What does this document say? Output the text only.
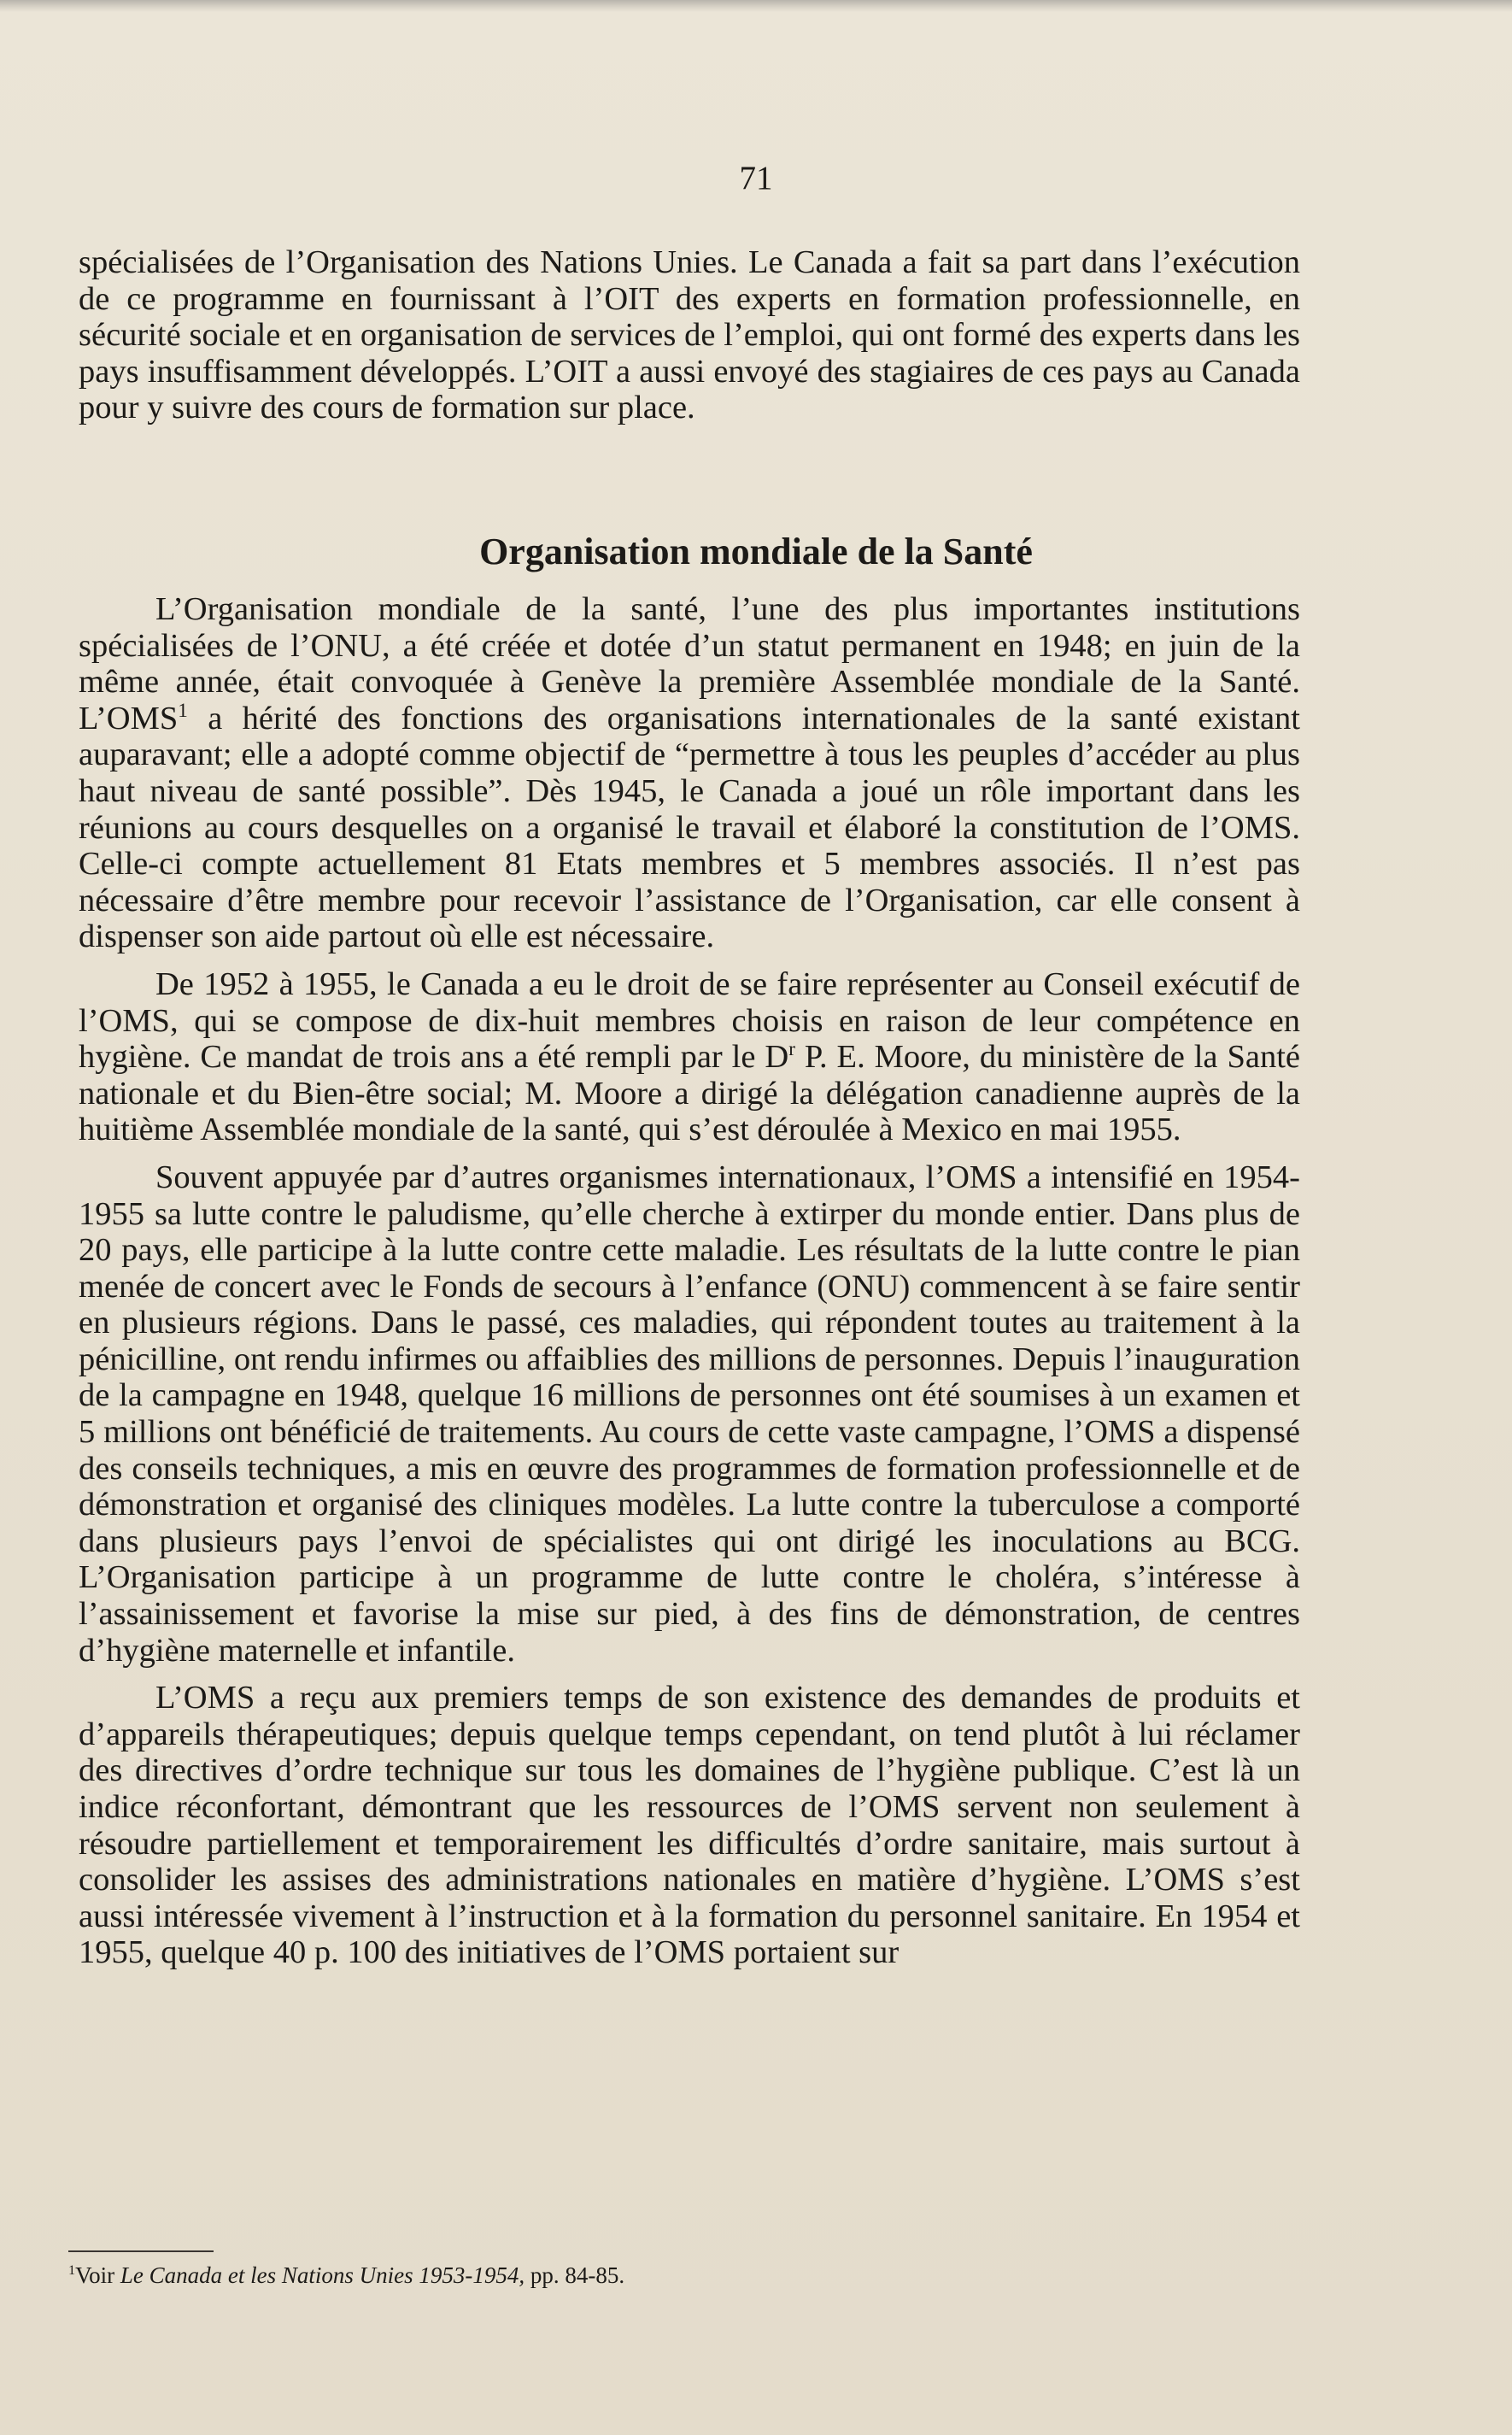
71

spécialisées de l’Organisation des Nations Unies. Le Canada a fait sa part dans l’exécution de ce programme en fournissant à l’OIT des experts en formation professionnelle, en sécurité sociale et en organisation de services de l’emploi, qui ont formé des experts dans les pays insuffisamment développés. L’OIT a aussi envoyé des stagiaires de ces pays au Canada pour y suivre des cours de formation sur place.

Organisation mondiale de la Santé

L’Organisation mondiale de la santé, l’une des plus importantes institutions spécialisées de l’ONU, a été créée et dotée d’un statut permanent en 1948; en juin de la même année, était convoquée à Genève la première Assemblée mondiale de la Santé. L’OMS$^1$ a hérité des fonctions des organisations internationales de la santé existant auparavant; elle a adopté comme objectif de “permettre à tous les peuples d’accéder au plus haut niveau de santé possible”. Dès 1945, le Canada a joué un rôle important dans les réunions au cours desquelles on a organisé le travail et élaboré la constitution de l’OMS. Celle-ci compte actuellement 81 Etats membres et 5 membres associés. Il n’est pas nécessaire d’être membre pour recevoir l’assistance de l’Organisation, car elle consent à dispenser son aide partout où elle est nécessaire.

De 1952 à 1955, le Canada a eu le droit de se faire représenter au Conseil exécutif de l’OMS, qui se compose de dix-huit membres choisis en raison de leur compétence en hygiène. Ce mandat de trois ans a été rempli par le $D^r$ P. E. Moore, du ministère de la Santé nationale et du Bien-être social; M. Moore a dirigé la délégation canadienne auprès de la huitième Assemblée mondiale de la santé, qui s’est déroulée à Mexico en mai 1955.

Souvent appuyée par d’autres organismes internationaux, l’OMS a intensifié en 1954-1955 sa lutte contre le paludisme, qu’elle cherche à extirper du monde entier. Dans plus de 20 pays, elle participe à la lutte contre cette maladie. Les résultats de la lutte contre le pian menée de concert avec le Fonds de secours à l’enfance (ONU) commencent à se faire sentir en plusieurs régions. Dans le passé, ces maladies, qui répondent toutes au traitement à la pénicilline, ont rendu infirmes ou affaiblies des millions de personnes. Depuis l’inauguration de la campagne en 1948, quelque 16 millions de personnes ont été soumises à un examen et 5 millions ont bénéficié de traitements. Au cours de cette vaste campagne, l’OMS a dispensé des conseils techniques, a mis en œuvre des programmes de formation professionnelle et de démonstration et organisé des cliniques modèles. La lutte contre la tuberculose a comporté dans plusieurs pays l’envoi de spécialistes qui ont dirigé les inoculations au BCG. L’Organisation participe à un programme de lutte contre le choléra, s’intéresse à l’assainissement et favorise la mise sur pied, à des fins de démonstration, de centres d’hygiène maternelle et infantile.

L’OMS a reçu aux premiers temps de son existence des demandes de produits et d’appareils thérapeutiques; depuis quelque temps cependant, on tend plutôt à lui réclamer des directives d’ordre technique sur tous les domaines de l’hygiène publique. C’est là un indice réconfortant, démontrant que les ressources de l’OMS servent non seulement à résoudre partiellement et temporairement les difficultés d’ordre sanitaire, mais surtout à consolider les assises des administrations nationales en matière d’hygiène. L’OMS s’est aussi intéressée vivement à l’instruction et à la formation du personnel sanitaire. En 1954 et 1955, quelque 40 p. 100 des initiatives de l’OMS portaient sur

$^1$Voir Le Canada et les Nations Unies 1953-1954, pp. 84-85.
